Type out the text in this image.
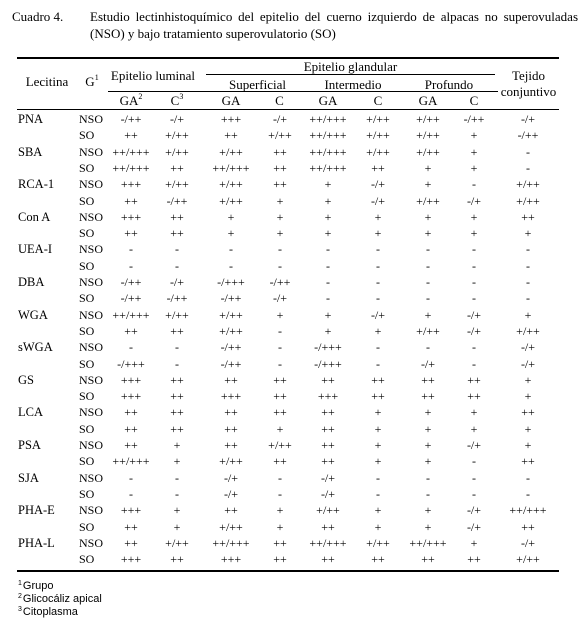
Cuadro 4. Estudio lectinhistoquímico del epitelio del cuerno izquierdo de alpacas no superovuladas (NSO) y bajo tratamiento superovulatorio (SO)
Lecitina	$G^1$ Epitelio luminal
Epitelio glandular
Superficial	Intermedio	Profundo
Tejido
conjuntivo
$GA^2$	$C^3$	GA	C	GA	C	GA	C
PNA	NSO	-/++	-/+	+++	-/+	++/+++	+/++	+/++	-/++	-/+
SO	++	+/++	++	+/++	++/+++	+/++	+/++	+	-/++
SBA	NSO ++/+++	+/++	+/++	++	++/+++	+/++	+/++	+	-
SO	++/+++	++	++/+++	++	++/+++	++	+	+	-
RCA-1	NSO	+++	+/++	+/++	++	+	-/+	+	-	+/++
SO	++	-/++	+/++	+	+	-/+	+/++	-/+	+/++
Con A	NSO	+++	++	+	+	+	+	+	+	++
SO	++	++	+	+	+	+	+	+	+
UEA-I	NSO	-	-	-	-	-	-	-	-	-
SO	-	-	-	-	-	-	-	-	-
DBA	NSO	-/++	-/+	-/+++	-/++	-	-	-	-	-
SO	-/++	-/++	-/++	-/+	-	-	-	-	-
WGA	NSO ++/+++	+/++	+/++	+	+	-/+	+	-/+	+
SO	++	++	+/++	-	+	+	+/++	-/+	+/++
sWGA	NSO	-	-	-/++	-	-/+++	-	-	-	-/+
SO	-/+++	-	-/++	-	-/+++	-	-/+	-	-/+
GS	NSO	+++	++	++	++	++	++	++	++	+
SO	+++	++	+++	++	+++	++	++	++	+
LCA	NSO	++	++	++	++	++	+	+	+	++
SO	++	++	++	+	++	+	+	+	+
PSA	NSO	++	+	++	+/++	++	+	+	-/+	+
SO	++/+++	+	+/++	++	++	+	+	-	++
SJA	NSO	-	-	-/+	-	-/+	-	-	-	-
SO	-	-	-/+	-	-/+	-	-	-	-
PHA-E	NSO	+++	+	++	+	+/++	+	+	-/+	++/+++
SO	++	+	+/++	+	++	+	+	-/+	++
PHA-L	NSO	++	+/++	++/+++	++	++/+++	+/++	++/+++	+	-/+
SO	+++	++	+++	++	++	++	++	++	+/++
$^1$Grupo
$^2$Glicocáliz apical
$^3$Citoplasma
